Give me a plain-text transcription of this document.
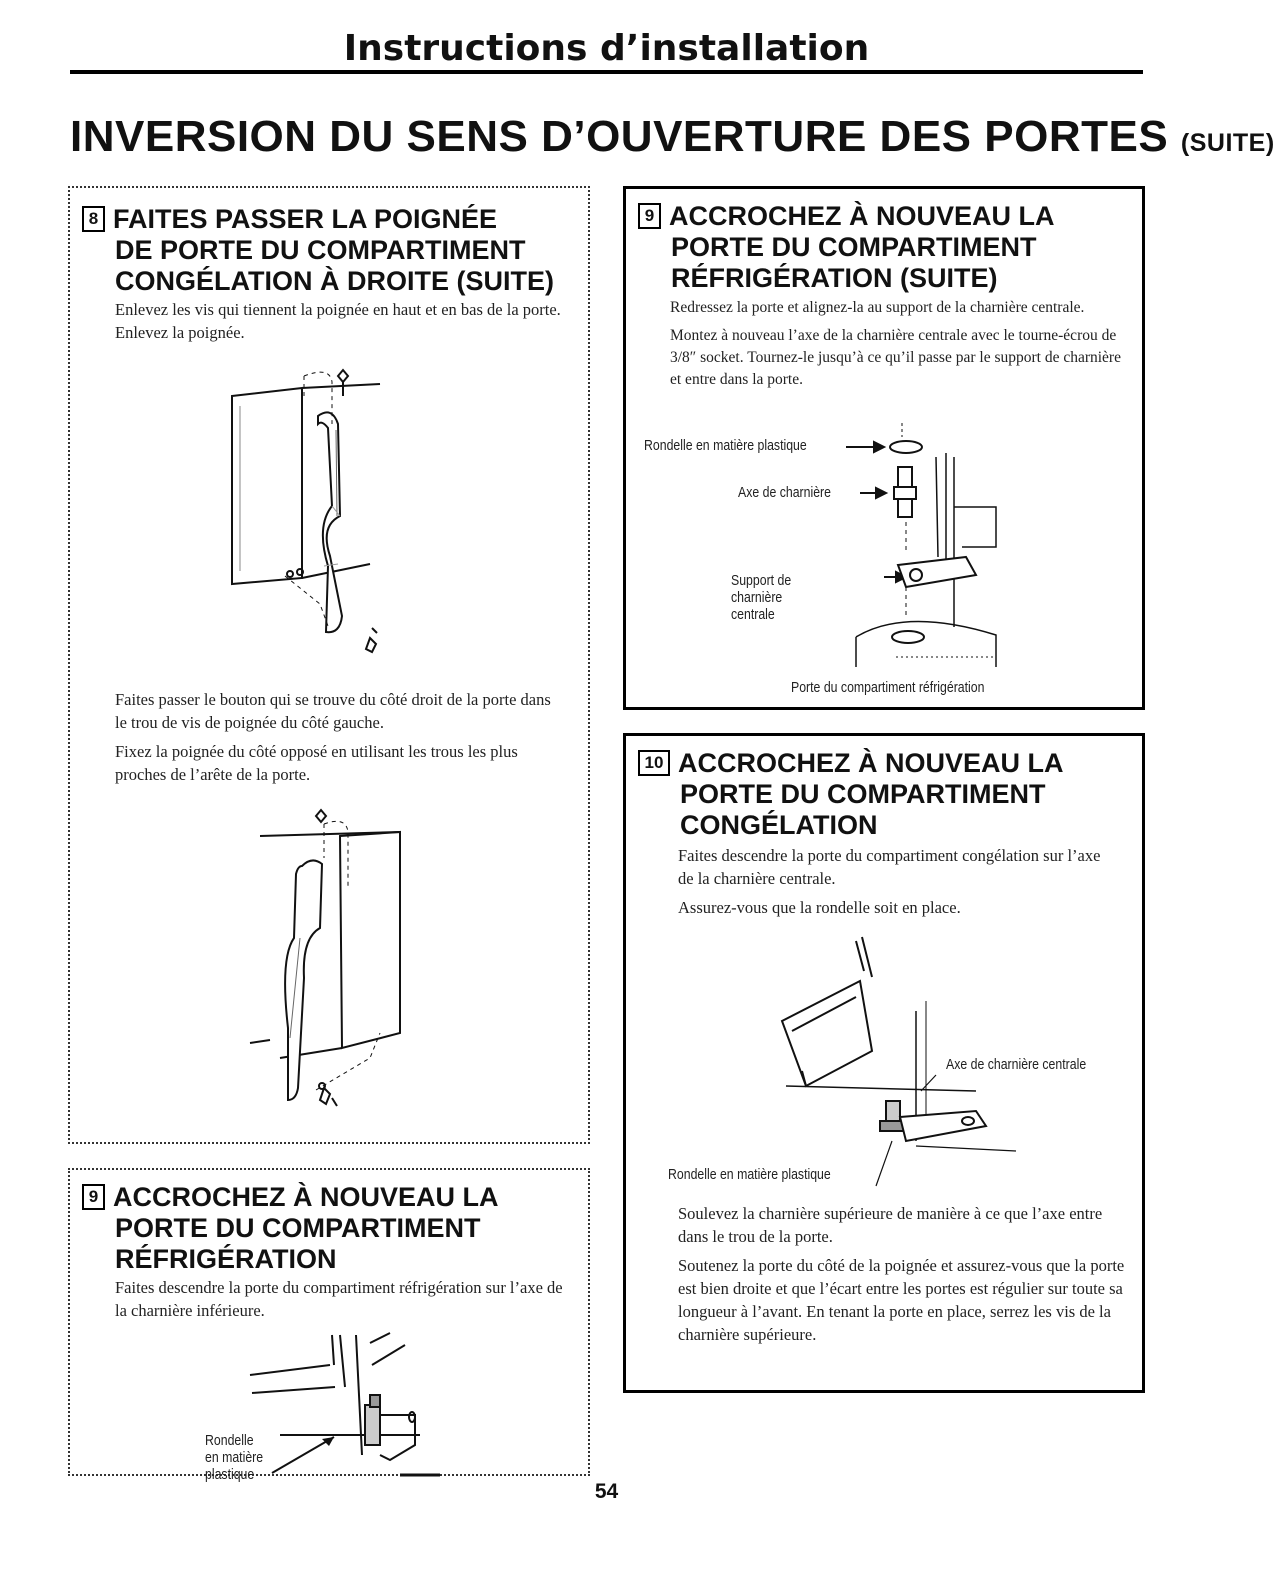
Instructions d’installation
INVERSION DU SENS D’OUVERTURE DES PORTES (SUITE)
8 FAITES PASSER LA POIGNÉE
DE PORTE DU COMPARTIMENT CONGÉLATION À DROITE (SUITE)

Enlevez les vis qui tiennent la poignée en haut et en bas de la porte. Enlevez la poignée.

Faites passer le bouton qui se trouve du côté droit de la porte dans le trou de vis de poignée du côté gauche.

Fixez la poignée du côté opposé en utilisant les trous les plus proches de l’arête de la porte.

9 ACCROCHEZ À NOUVEAU LA
PORTE DU COMPARTIMENT RÉFRIGÉRATION

Faites descendre la porte du compartiment réfrigération sur l’axe de la charnière inférieure.

Rondelle
en matière
plastique
9 ACCROCHEZ À NOUVEAU LA
PORTE DU COMPARTIMENT RÉFRIGÉRATION (SUITE)

Redressez la porte et alignez-la au support de la charnière centrale.

Montez à nouveau l’axe de la charnière centrale avec le tourne-écrou de 3/8″ socket. Tournez-le jusqu’à ce qu’il passe par le support de charnière et entre dans la porte.

Rondelle en matière plastique
Axe de charnière
Support de
charnière
centrale
Porte du compartiment réfrigération
10 ACCROCHEZ À NOUVEAU LA
PORTE DU COMPARTIMENT CONGÉLATION

Faites descendre la porte du compartiment congélation sur l’axe de la charnière centrale.

Assurez-vous que la rondelle soit en place.

Axe de charnière centrale
Rondelle en matière plastique

Soulevez la charnière supérieure de manière à ce que l’axe entre dans le trou de la porte.

Soutenez la porte du côté de la poignée et assurez-vous que la porte est bien droite et que l’écart entre les portes est régulier sur toute sa longueur à l’avant. En tenant la porte en place, serrez les vis de la charnière supérieure.

54
